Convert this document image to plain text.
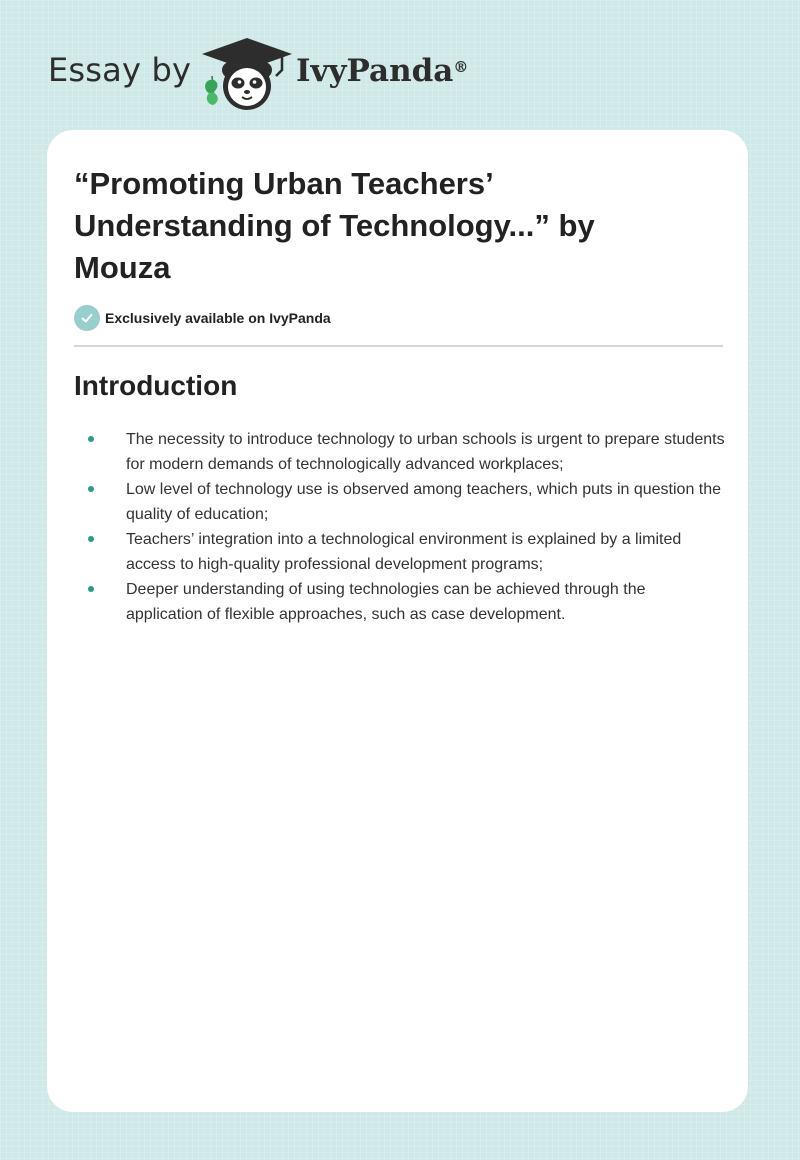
Essay by	IvyPanda®
“Promoting Urban Teachers’ Understanding of Technology...” by Mouza
Exclusively available on IvyPanda
Introduction
The necessity to introduce technology to urban schools is urgent to prepare students for modern demands of technologically advanced workplaces;
Low level of technology use is observed among teachers, which puts in question the quality of education;
Teachers’ integration into a technological environment is explained by a limited access to high-quality professional development programs;
Deeper understanding of using technologies can be achieved through the application of flexible approaches, such as case development.
